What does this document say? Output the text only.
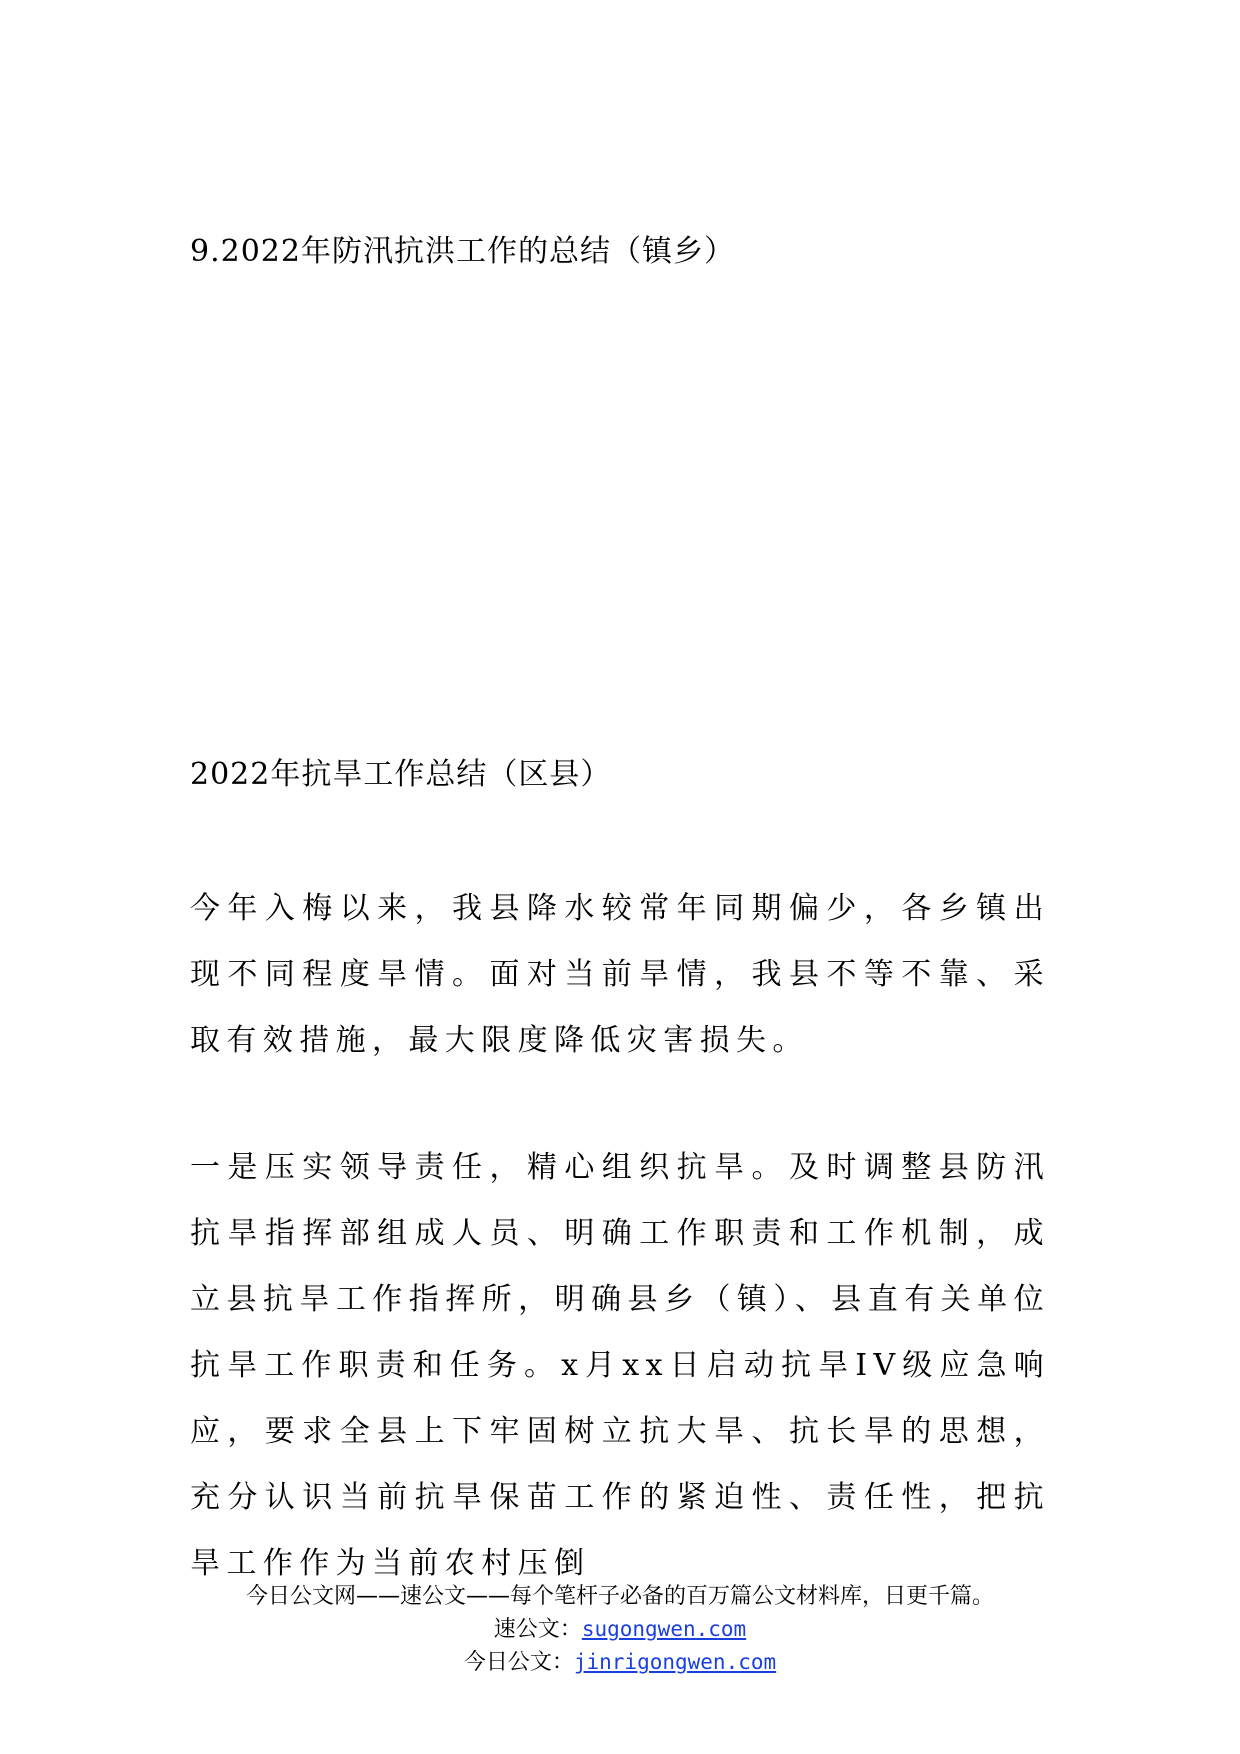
9.2022年防汛抗洪工作的总结（镇乡）
2022年抗旱工作总结（区县）
今年入梅以来，我县降水较常年同期偏少，各乡镇出现不同程度旱情。面对当前旱情，我县不等不靠、采取有效措施，最大限度降低灾害损失。
一是压实领导责任，精心组织抗旱。及时调整县防汛抗旱指挥部组成人员、明确工作职责和工作机制，成立县抗旱工作指挥所，明确县乡（镇）、县直有关单位抗旱工作职责和任务。x月xx日启动抗旱IV级应急响应，要求全县上下牢固树立抗大旱、抗长旱的思想，充分认识当前抗旱保苗工作的紧迫性、责任性，把抗旱工作作为当前农村压倒
今日公文网——速公文——每个笔杆子必备的百万篇公文材料库，日更千篇。
速公文：sugongwen.com
今日公文：jinrigongwen.com
